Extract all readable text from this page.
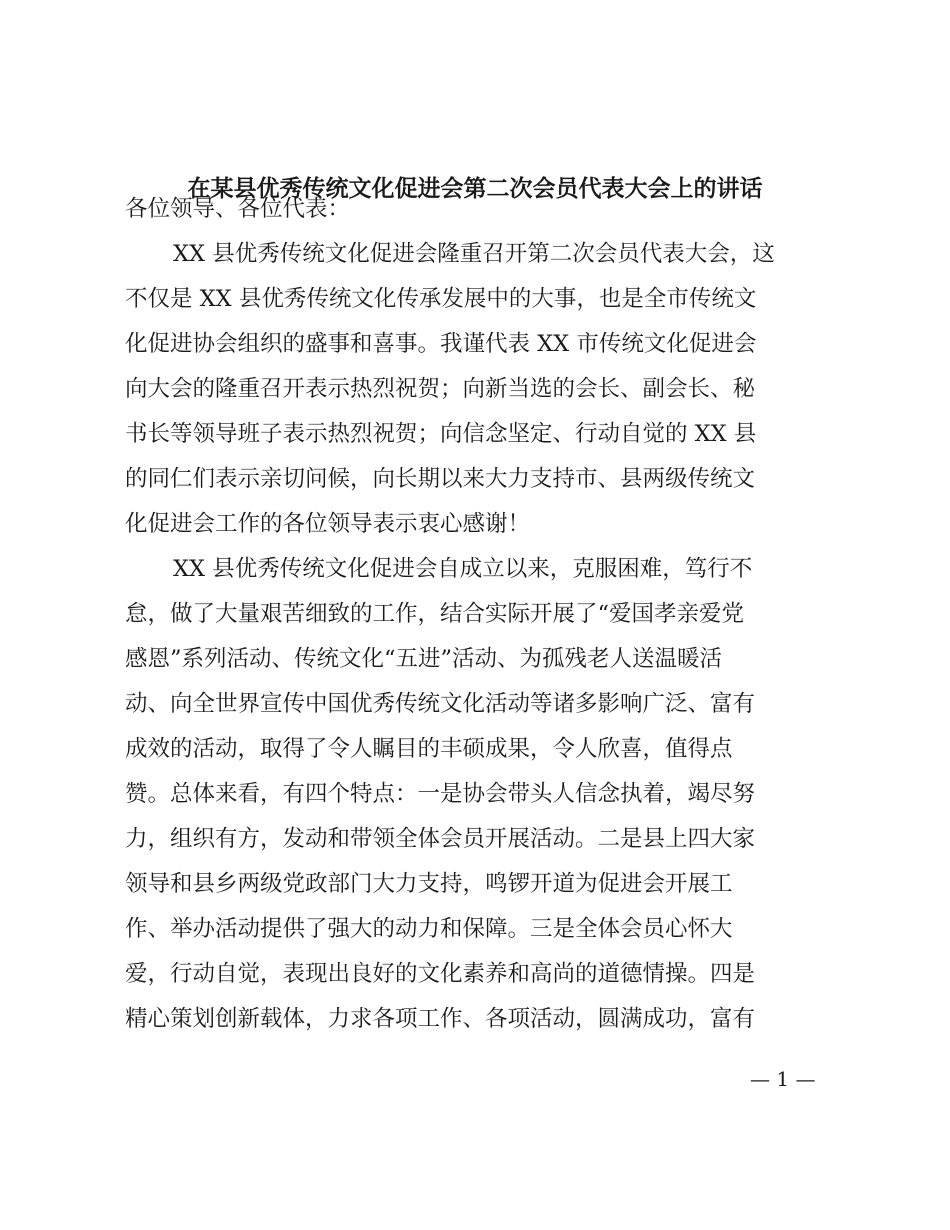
在某县优秀传统文化促进会第二次会员代表大会上的讲话
各位领导、各位代表：
XX 县优秀传统文化促进会隆重召开第二次会员代表大会，这
不仅是 XX 县优秀传统文化传承发展中的大事，也是全市传统文
化促进协会组织的盛事和喜事。我谨代表 XX 市传统文化促进会
向大会的隆重召开表示热烈祝贺；向新当选的会长、副会长、秘
书长等领导班子表示热烈祝贺；向信念坚定、行动自觉的 XX 县
的同仁们表示亲切问候，向长期以来大力支持市、县两级传统文
化促进会工作的各位领导表示衷心感谢！
XX 县优秀传统文化促进会自成立以来，克服困难，笃行不
怠，做了大量艰苦细致的工作，结合实际开展了“爱国孝亲爱党
感恩”系列活动、传统文化“五进”活动、为孤残老人送温暖活
动、向全世界宣传中国优秀传统文化活动等诸多影响广泛、富有
成效的活动，取得了令人瞩目的丰硕成果，令人欣喜，值得点
赞。总体来看，有四个特点：一是协会带头人信念执着，竭尽努
力，组织有方，发动和带领全体会员开展活动。二是县上四大家
领导和县乡两级党政部门大力支持，鸣锣开道为促进会开展工
作、举办活动提供了强大的动力和保障。三是全体会员心怀大
爱，行动自觉，表现出良好的文化素养和高尚的道德情操。四是
精心策划创新载体，力求各项工作、各项活动，圆满成功，富有
— 1 —
